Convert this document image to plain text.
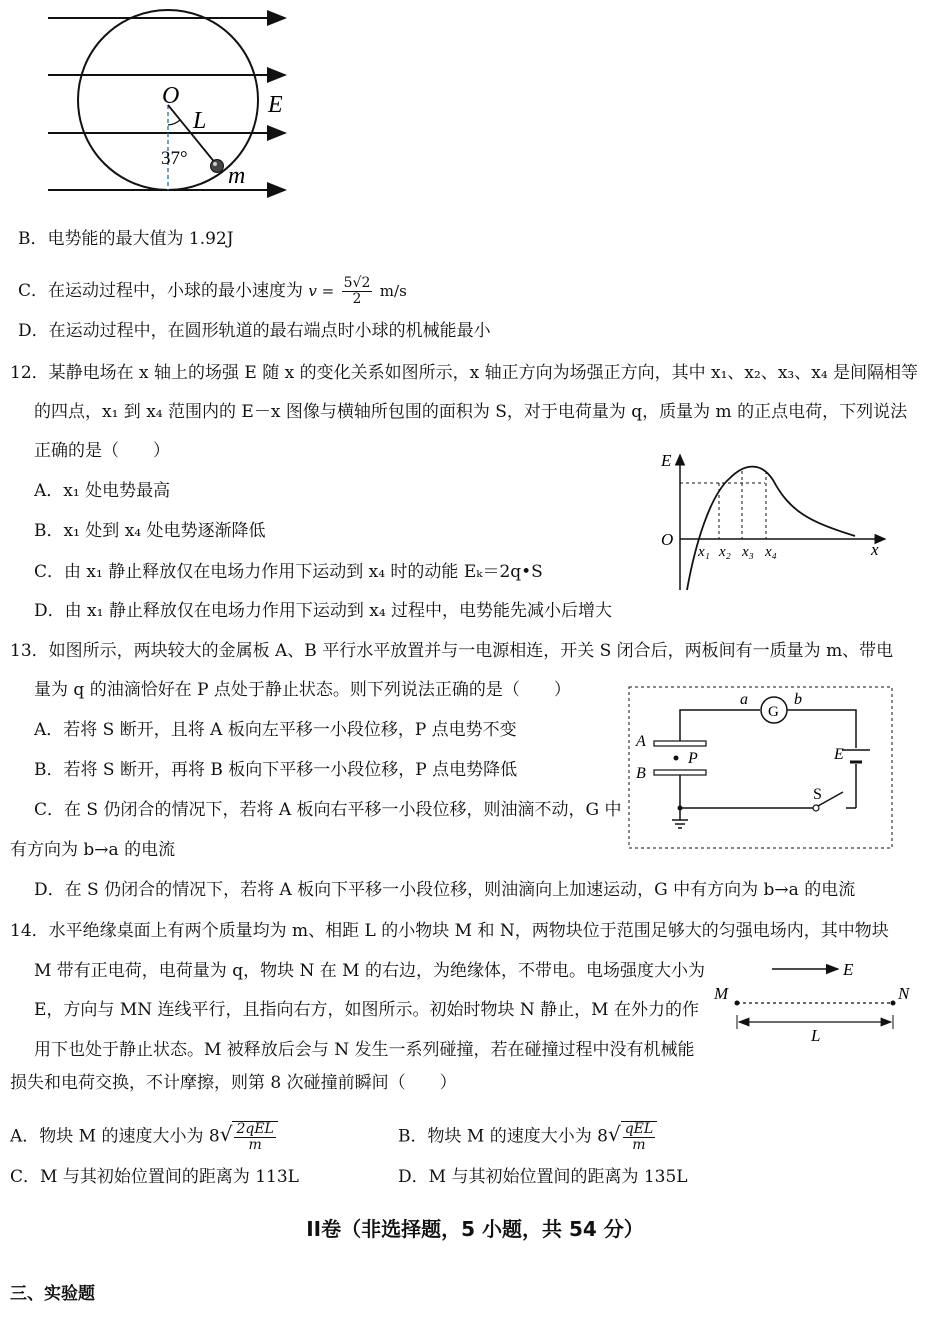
O
L
E
m
37°
B．电势能的最大值为 1.92J
C．在运动过程中，小球的最小速度为 $v = \frac{5√2}{2} m/s$
D．在运动过程中，在圆形轨道的最右端点时小球的机械能最小
12．某静电场在 x 轴上的场强 E 随 x 的变化关系如图所示，x 轴正方向为场强正方向，其中 x₁、x₂、x₃、x₄ 是间隔相等
的四点，x₁ 到 x₄ 范围内的 E－x 图像与横轴所包围的面积为 S，对于电荷量为 q，质量为 m 的正点电荷，下列说法
正确的是（　　）
A．x₁ 处电势最高
B．x₁ 处到 x₄ 处电势逐渐降低
C．由 x₁ 静止释放仅在电场力作用下运动到 x₄ 时的动能 Eₖ＝2q•S
D．由 x₁ 静止释放仅在电场力作用下运动到 x₄ 过程中，电势能先减小后增大
E
O
x
x₁ x₂ x₃ x₄
13．如图所示，两块较大的金属板 A、B 平行水平放置并与一电源相连，开关 S 闭合后，两板间有一质量为 m、带电
量为 q 的油滴恰好在 P 点处于静止状态。则下列说法正确的是（　　）
A．若将 S 断开，且将 A 板向左平移一小段位移，P 点电势不变
B．若将 S 断开，再将 B 板向下平移一小段位移，P 点电势降低
C．在 S 仍闭合的情况下，若将 A 板向右平移一小段位移，则油滴不动，G 中
有方向为 b→a 的电流
D．在 S 仍闭合的情况下，若将 A 板向下平移一小段位移，则油滴向上加速运动，G 中有方向为 b→a 的电流
a	b
G
A
B
P	E
S
14．水平绝缘桌面上有两个质量均为 m、相距 L 的小物块 M 和 N，两物块位于范围足够大的匀强电场内，其中物块
M 带有正电荷，电荷量为 q，物块 N 在 M 的右边，为绝缘体，不带电。电场强度大小为
E，方向与 MN 连线平行，且指向右方，如图所示。初始时物块 N 静止，M 在外力的作
用下也处于静止状态。M 被释放后会与 N 发生一系列碰撞，若在碰撞过程中没有机械能
损失和电荷交换，不计摩擦，则第 8 次碰撞前瞬间（　　）
E
M	N
L
A．物块 M 的速度大小为 $8√ \frac{\text{2qEL}}{m}$	B．物块 M 的速度大小为 $8√ \frac{\text{qEL}}{m}$
C．M 与其初始位置间的距离为 113L	D．M 与其初始位置间的距离为 135L
II卷（非选择题，5 小题，共 54 分）
三、实验题
